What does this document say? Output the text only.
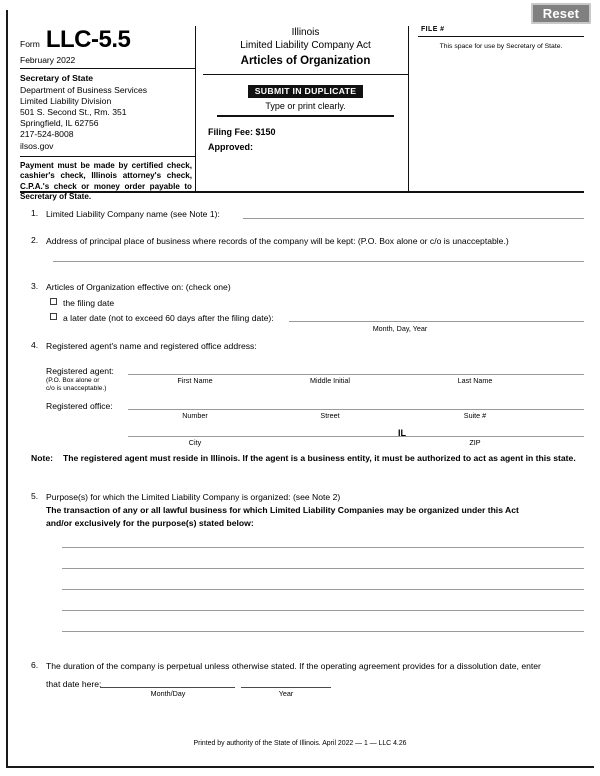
Reset
Form LLC-5.5
February 2022
Secretary of State
Department of Business Services
Limited Liability Division
501 S. Second St., Rm. 351
Springfield, IL 62756
217-524-8008
ilsos.gov
Payment must be made by certified check, cashier's check, Illinois attorney's check, C.P.A.'s check or money order payable to Secretary of State.
Illinois
Limited Liability Company Act
Articles of Organization
SUBMIT IN DUPLICATE
Type or print clearly.
Filing Fee: $150
Approved:
FILE #
This space for use by Secretary of State.
1. Limited Liability Company name (see Note 1):
2. Address of principal place of business where records of the company will be kept: (P.O. Box alone or c/o is unacceptable.)
3. Articles of Organization effective on: (check one)
the filing date
a later date (not to exceed 60 days after the filing date):
Month, Day, Year
4. Registered agent's name and registered office address:
Registered agent:
(P.O. Box alone or
c/o is unacceptable.)
First Name	Middle Initial	Last Name
Registered office:
Number	Street	Suite #
IL
City	ZIP
Note: The registered agent must reside in Illinois. If the agent is a business entity, it must be authorized to act as agent in this state.
5. Purpose(s) for which the Limited Liability Company is organized: (see Note 2)
The transaction of any or all lawful business for which Limited Liability Companies may be organized under this Act
and/or exclusively for the purpose(s) stated below:
6. The duration of the company is perpetual unless otherwise stated. If the operating agreement provides for a dissolution date, enter
that date here:
Month/Day	Year
Printed by authority of the State of Illinois. April 2022 — 1 — LLC 4.26
